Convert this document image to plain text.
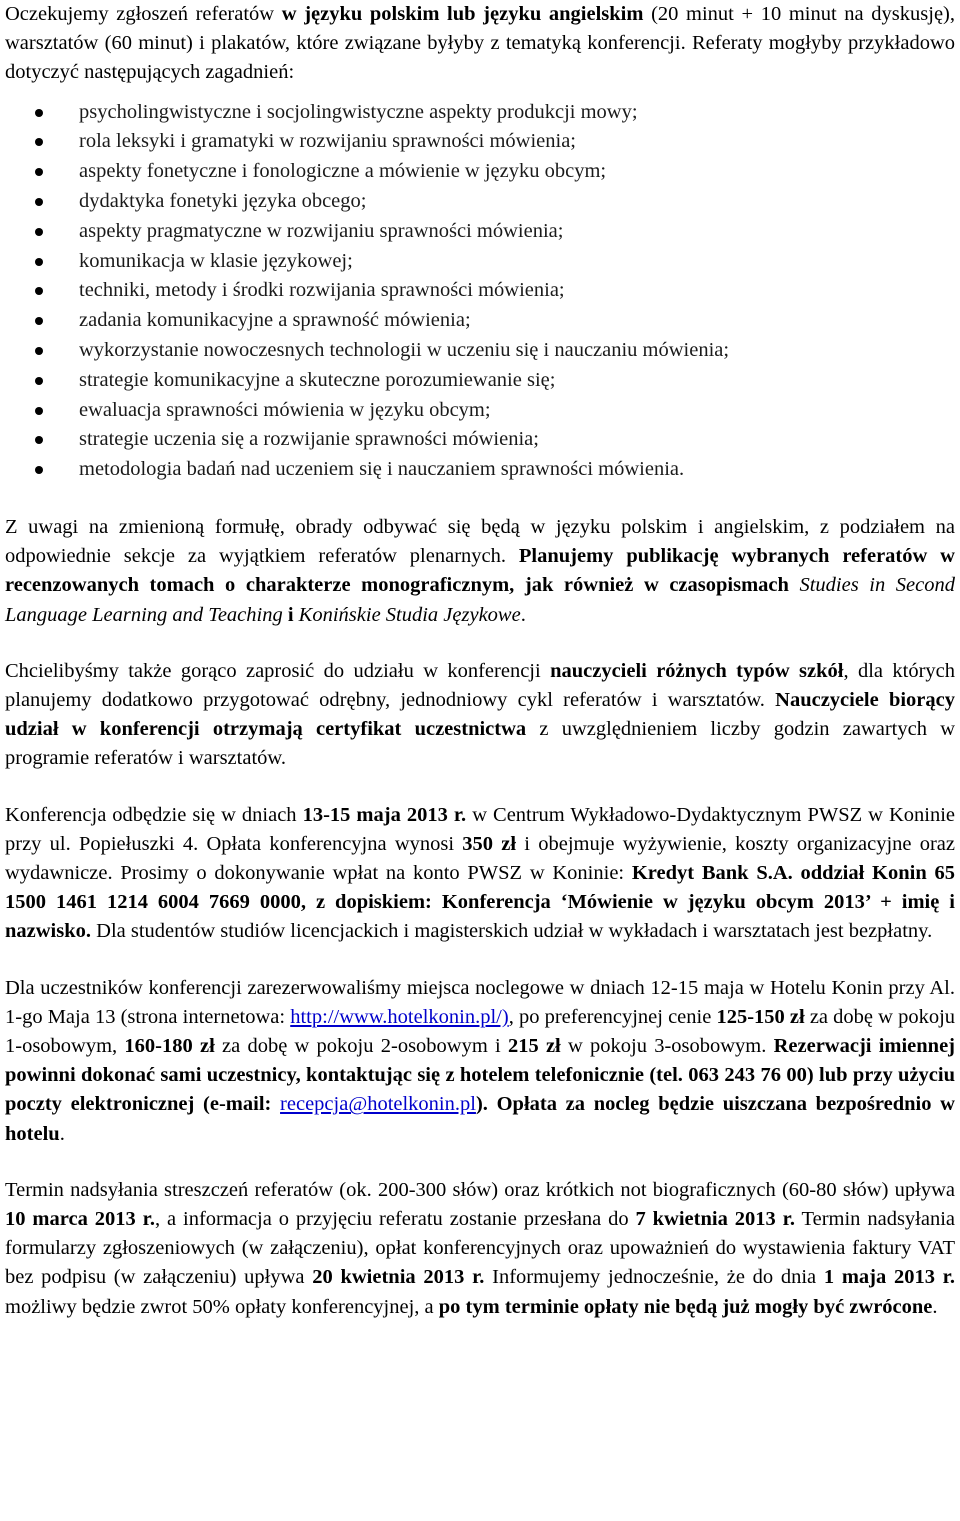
Oczekujemy zgłoszeń referatów w języku polskim lub języku angielskim (20 minut + 10 minut na dyskusję), warsztatów (60 minut) i plakatów, które związane byłyby z tematyką konferencji. Referaty mogłyby przykładowo dotyczyć następujących zagadnień:

psycholingwistyczne i socjolingwistyczne aspekty produkcji mowy;
rola leksyki i gramatyki w rozwijaniu sprawności mówienia;
aspekty fonetyczne i fonologiczne a mówienie w języku obcym;
dydaktyka fonetyki języka obcego;
aspekty pragmatyczne w rozwijaniu sprawności mówienia;
komunikacja w klasie językowej;
techniki, metody i środki rozwijania sprawności mówienia;
zadania komunikacyjne a sprawność mówienia;
wykorzystanie nowoczesnych technologii w uczeniu się i nauczaniu mówienia;
strategie komunikacyjne a skuteczne porozumiewanie się;
ewaluacja sprawności mówienia w języku obcym;
strategie uczenia się a rozwijanie sprawności mówienia;
metodologia badań nad uczeniem się i nauczaniem sprawności mówienia.

Z uwagi na zmienioną formułę, obrady odbywać się będą w języku polskim i angielskim, z podziałem na odpowiednie sekcje za wyjątkiem referatów plenarnych. Planujemy publikację wybranych referatów w recenzowanych tomach o charakterze monograficznym, jak również w czasopismach Studies in Second Language Learning and Teaching i Konińskie Studia Językowe.

Chcielibyśmy także gorąco zaprosić do udziału w konferencji nauczycieli różnych typów szkół, dla których planujemy dodatkowo przygotować odrębny, jednodniowy cykl referatów i warsztatów. Nauczyciele biorący udział w konferencji otrzymają certyfikat uczestnictwa z uwzględnieniem liczby godzin zawartych w programie referatów i warsztatów.

Konferencja odbędzie się w dniach 13-15 maja 2013 r. w Centrum Wykładowo-Dydaktycznym PWSZ w Koninie przy ul. Popiełuszki 4. Opłata konferencyjna wynosi 350 zł i obejmuje wyżywienie, koszty organizacyjne oraz wydawnicze. Prosimy o dokonywanie wpłat na konto PWSZ w Koninie: Kredyt Bank S.A. oddział Konin 65 1500 1461 1214 6004 7669 0000, z dopiskiem: Konferencja ‘Mówienie w języku obcym 2013’ + imię i nazwisko. Dla studentów studiów licencjackich i magisterskich udział w wykładach i warsztatach jest bezpłatny.

Dla uczestników konferencji zarezerwowaliśmy miejsca noclegowe w dniach 12-15 maja w Hotelu Konin przy Al. 1-go Maja 13 (strona internetowa: http://www.hotelkonin.pl/), po preferencyjnej cenie 125-150 zł za dobę w pokoju 1-osobowym, 160-180 zł za dobę w pokoju 2-osobowym i 215 zł w pokoju 3-osobowym. Rezerwacji imiennej powinni dokonać sami uczestnicy, kontaktując się z hotelem telefonicznie (tel. 063 243 76 00) lub przy użyciu poczty elektronicznej (e-mail: recepcja@hotelkonin.pl). Opłata za nocleg będzie uiszczana bezpośrednio w hotelu.

Termin nadsyłania streszczeń referatów (ok. 200-300 słów) oraz krótkich not biograficznych (60-80 słów) upływa 10 marca 2013 r., a informacja o przyjęciu referatu zostanie przesłana do 7 kwietnia 2013 r. Termin nadsyłania formularzy zgłoszeniowych (w załączeniu), opłat konferencyjnych oraz upoważnień do wystawienia faktury VAT bez podpisu (w załączeniu) upływa 20 kwietnia 2013 r. Informujemy jednocześnie, że do dnia 1 maja 2013 r. możliwy będzie zwrot 50% opłaty konferencyjnej, a po tym terminie opłaty nie będą już mogły być zwrócone.
